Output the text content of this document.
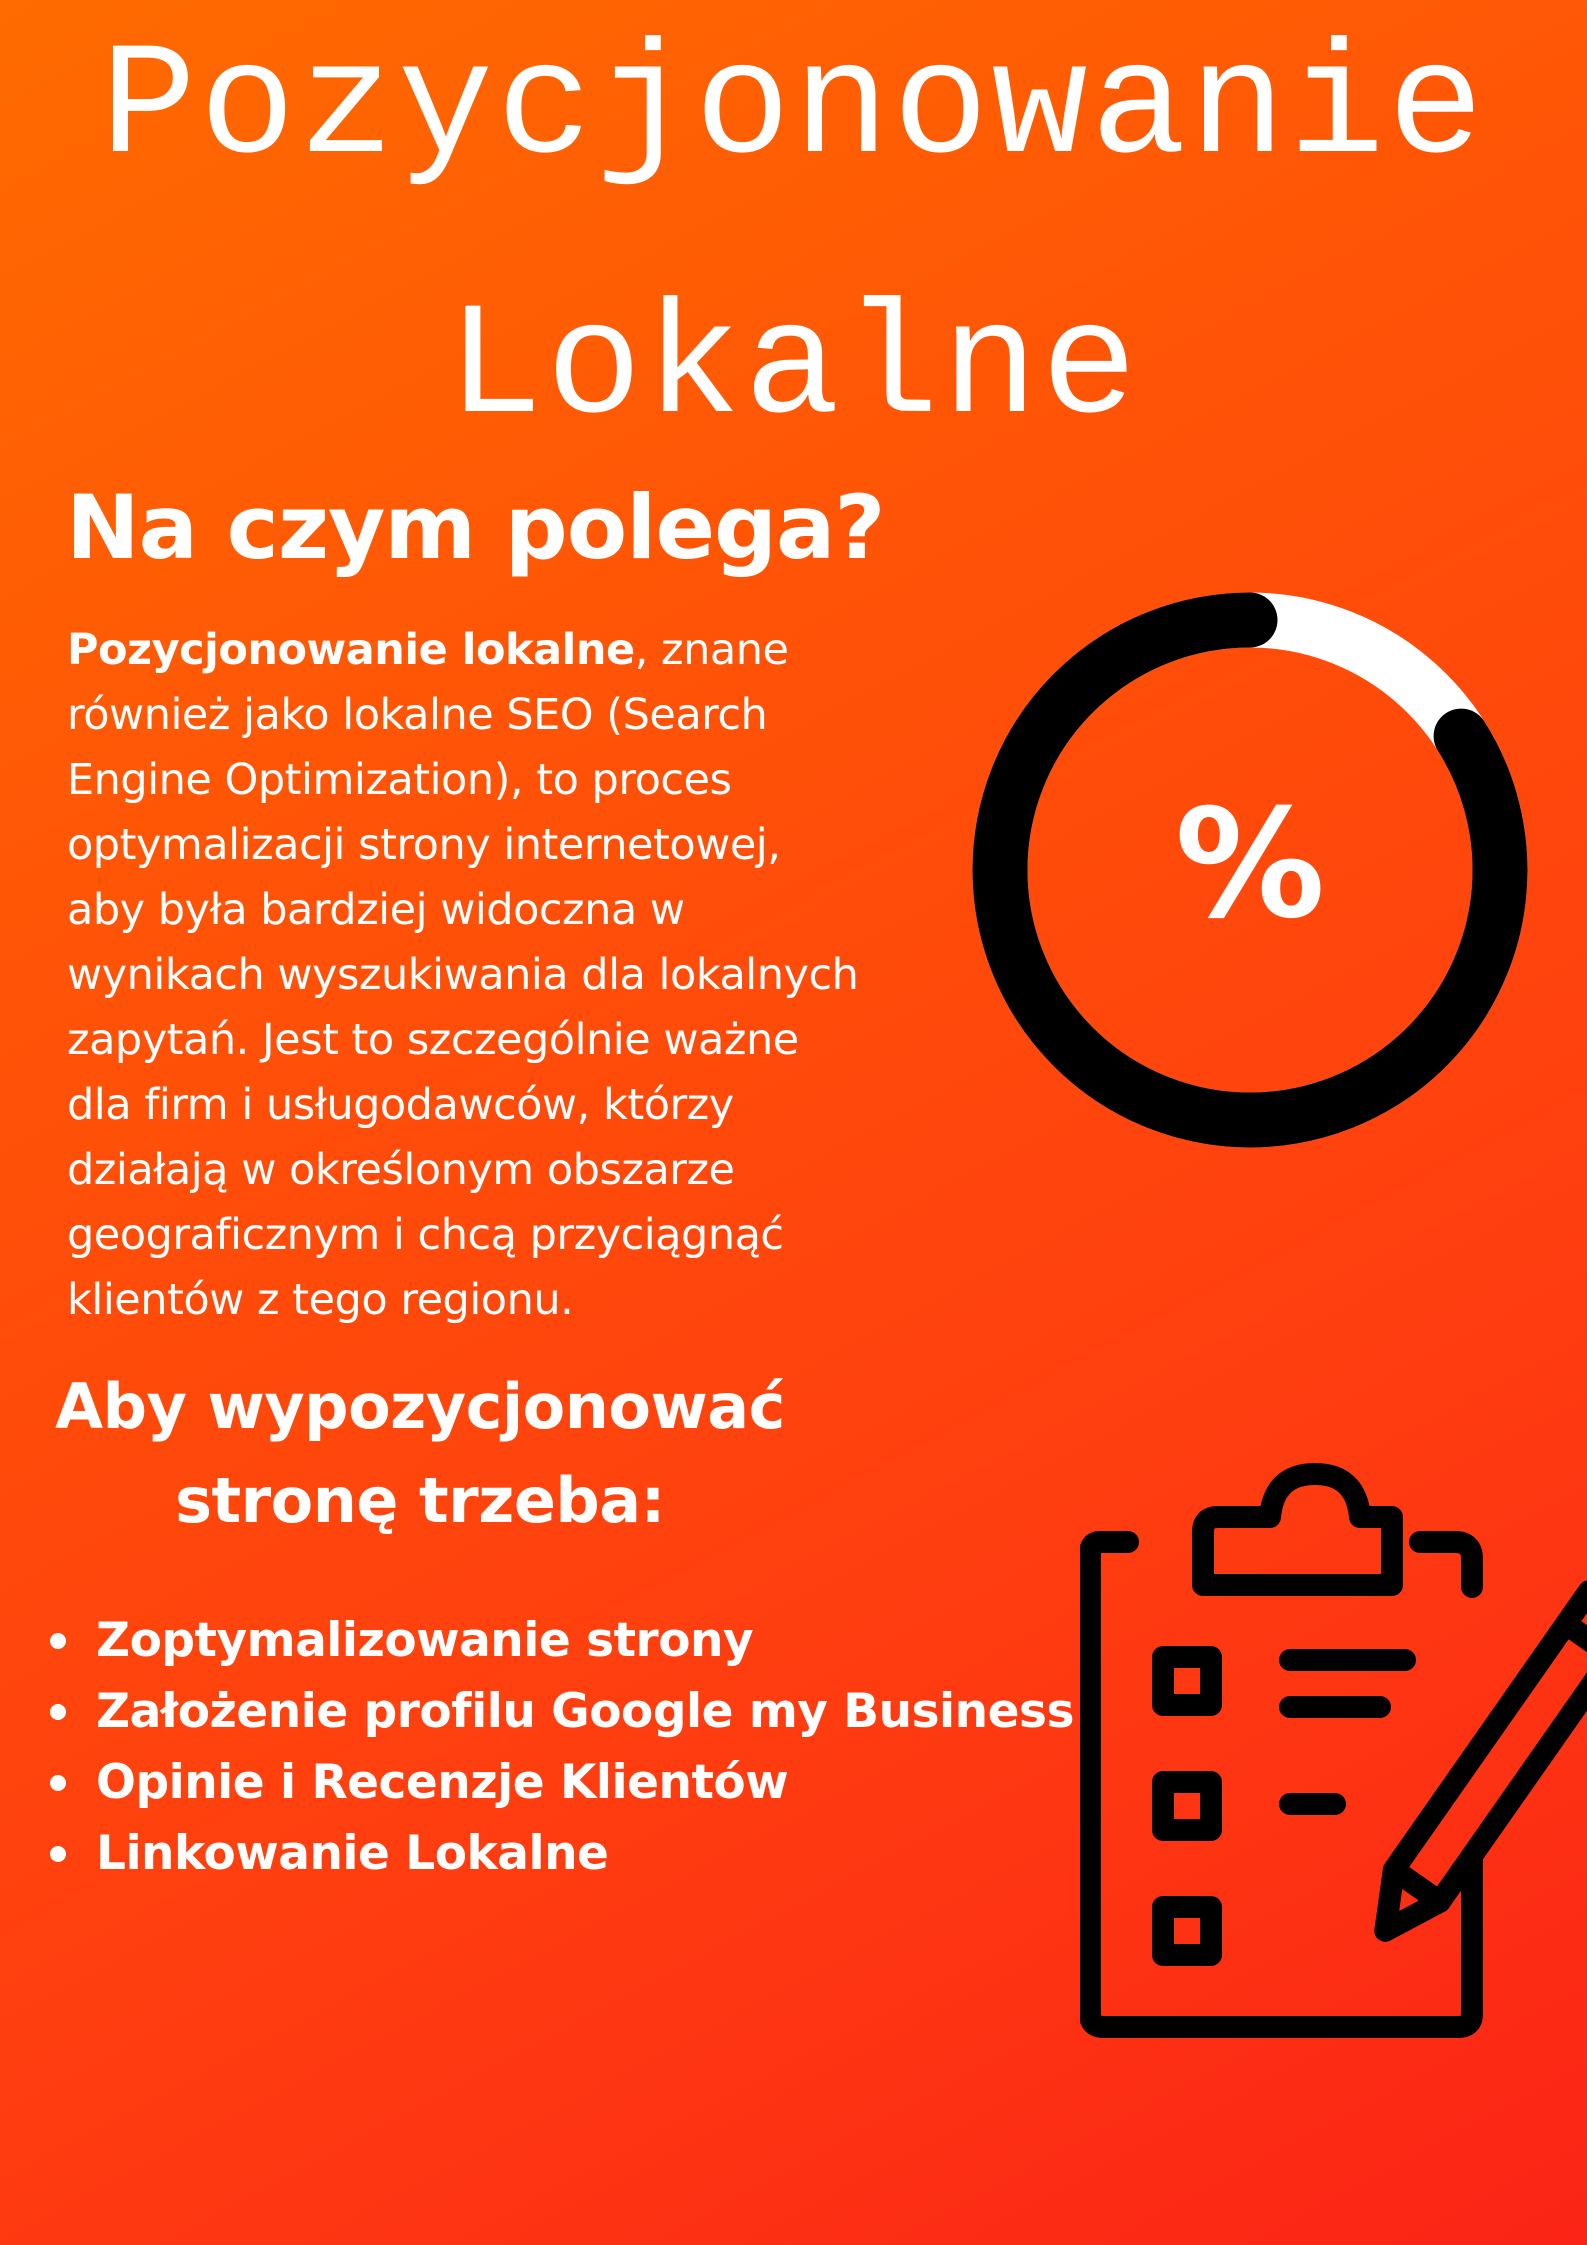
Pozycjonowanie
Lokalne
Na czym polega?

Pozycjonowanie lokalne, znane

również jako lokalne SEO (Search

Engine Optimization), to proces

optymalizacji strony internetowej,

aby była bardziej widoczna w

wynikach wyszukiwania dla lokalnych

zapytań. Jest to szczególnie ważne

dla firm i usługodawców, którzy

działają w określonym obszarze

geograficznym i chcą przyciągnąć

klientów z tego regionu.

%
Aby wypozycjonować
stronę trzeba:
Zoptymalizowanie strony
Założenie profilu Google my Business
Opinie i Recenzje Klientów
Linkowanie Lokalne
